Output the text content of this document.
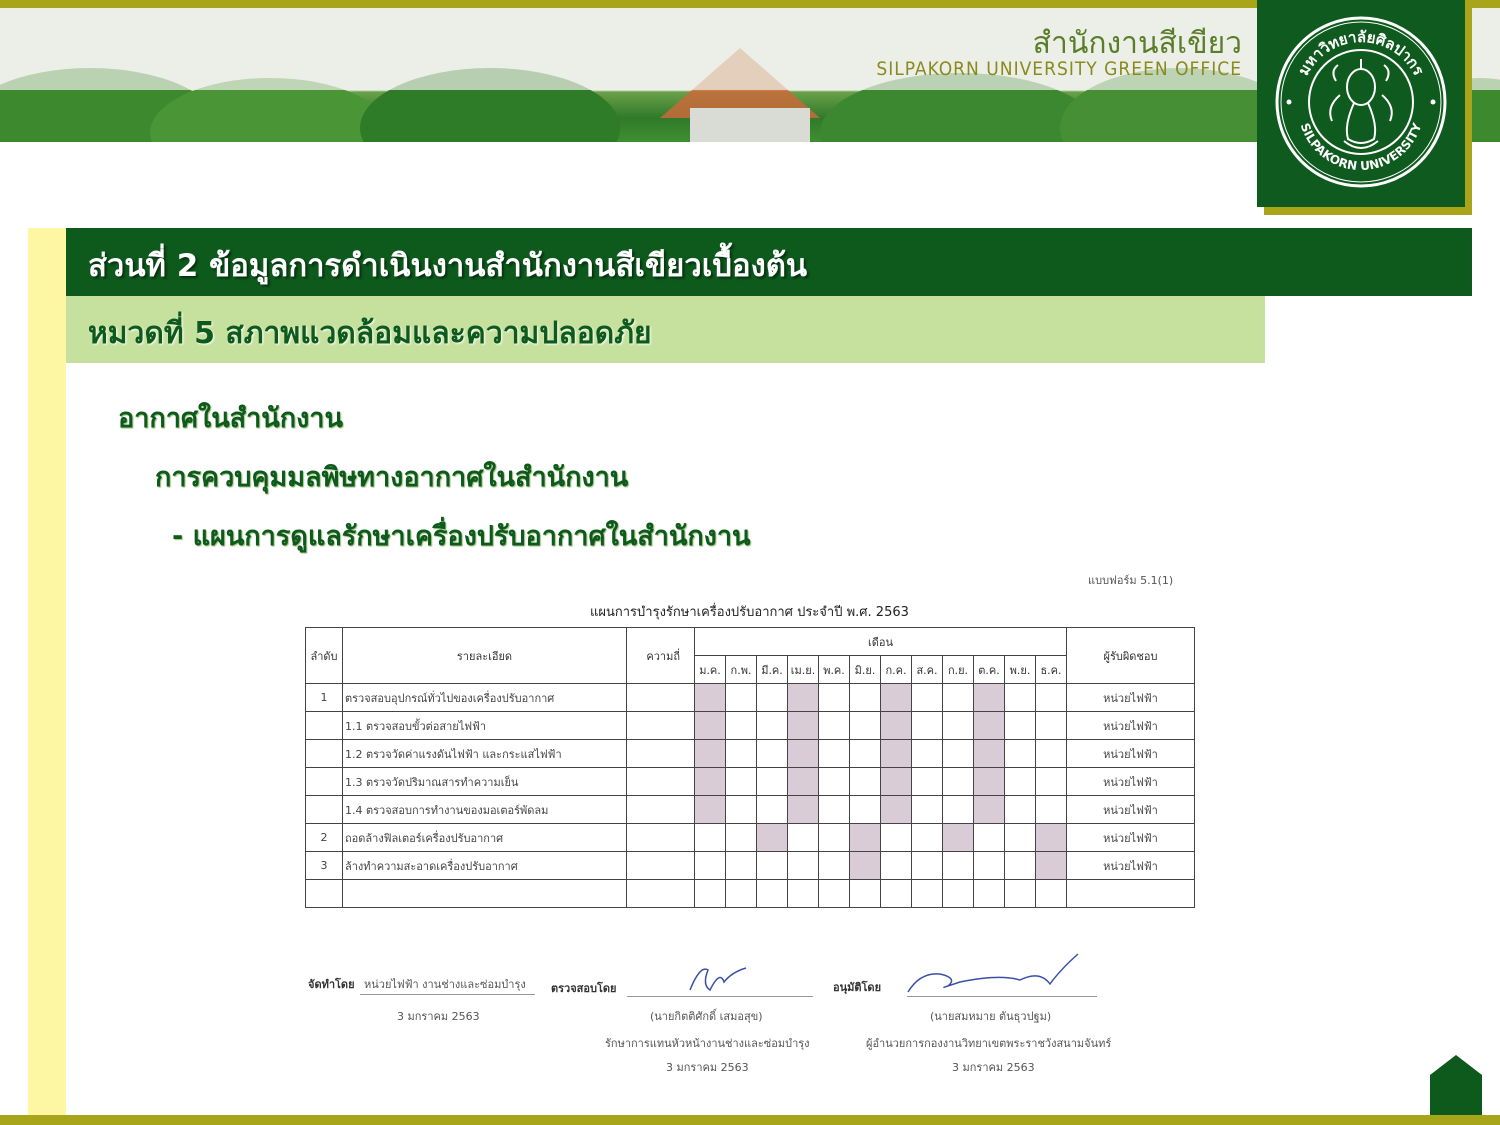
สำนักงานสีเขียว
SILPAKORN UNIVERSITY GREEN OFFICE	มหาวิทยาลัยศิลปากร
SILPAKORN UNIVERSITY
ส่วนที่ 2 ข้อมูลการดำเนินงานสำนักงานสีเขียวเบื้องต้น
หมวดที่ 5 สภาพแวดล้อมและความปลอดภัย
อากาศในสำนักงาน
การควบคุมมลพิษทางอากาศในสำนักงาน
- แผนการดูแลรักษาเครื่องปรับอากาศในสำนักงาน
แบบฟอร์ม 5.1(1)
แผนการบำรุงรักษาเครื่องปรับอากาศ ประจำปี พ.ศ. 2563
ลำดับ	รายละเอียด	ความถี่	เดือน												ผู้รับผิดชอบ
			ม.ค.	ก.พ.	มี.ค.	เม.ย.	พ.ค.	มิ.ย.	ก.ค.	ส.ค.	ก.ย.	ต.ค.	พ.ย.	ธ.ค.	
1	ตรวจสอบอุปกรณ์ทั่วไปของเครื่องปรับอากาศ														หน่วยไฟฟ้า
	1.1 ตรวจสอบขั้วต่อสายไฟฟ้า														หน่วยไฟฟ้า
	1.2 ตรวจวัดค่าแรงดันไฟฟ้า และกระแสไฟฟ้า														หน่วยไฟฟ้า
	1.3 ตรวจวัดปริมาณสารทำความเย็น														หน่วยไฟฟ้า
	1.4 ตรวจสอบการทำงานของมอเตอร์พัดลม														หน่วยไฟฟ้า
2	ถอดล้างฟิลเตอร์เครื่องปรับอากาศ														หน่วยไฟฟ้า
3	ล้างทำความสะอาดเครื่องปรับอากาศ														หน่วยไฟฟ้า

จัดทำโดย หน่วยไฟฟ้า งานช่างและซ่อมบำรุง
3 มกราคม 2563
ตรวจสอบโดย
(นายกิตติศักดิ์ เสมอสุข)
รักษาการแทนหัวหน้างานช่างและซ่อมบำรุง
3 มกราคม 2563
อนุมัติโดย
(นายสมหมาย ตันธุวปฐม)
ผู้อำนวยการกองงานวิทยาเขตพระราชวังสนามจันทร์
3 มกราคม 2563
